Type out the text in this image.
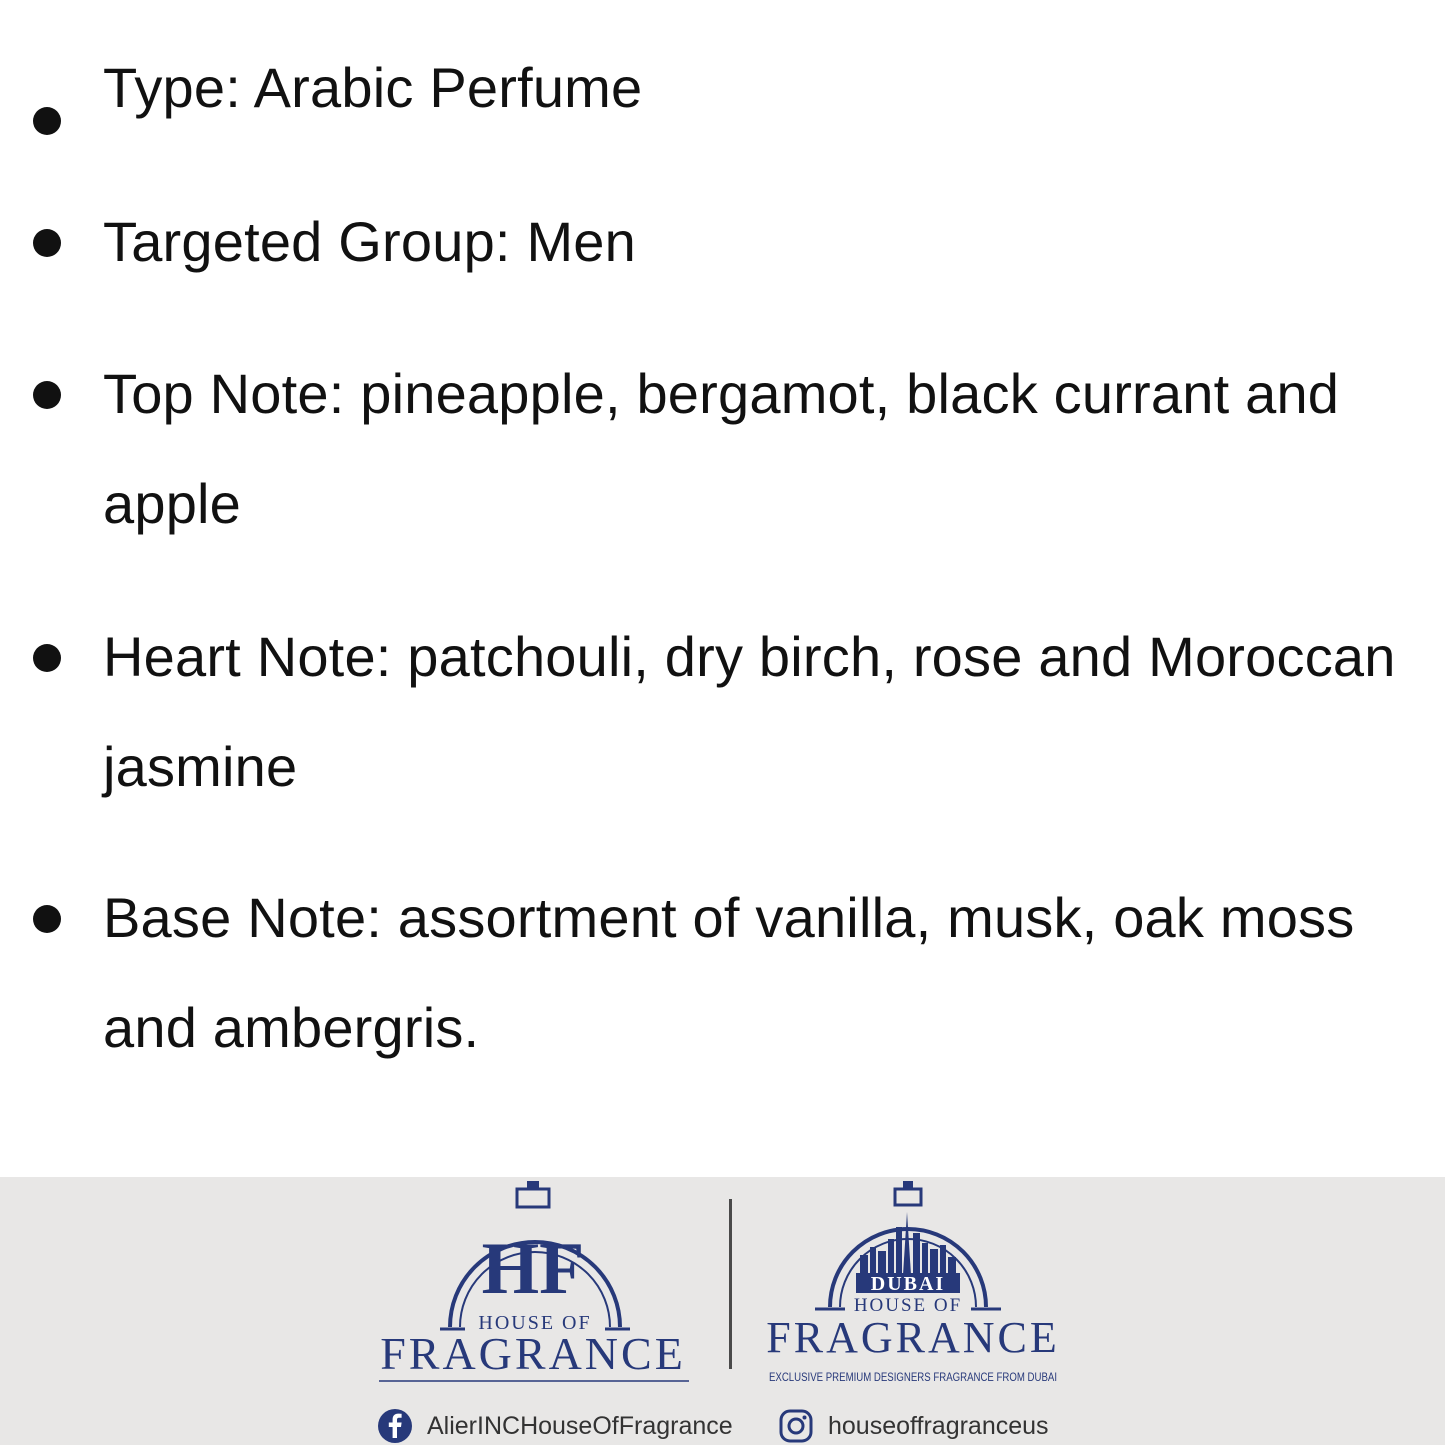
Type: Arabic Perfume
Targeted Group: Men
Top Note: pineapple, bergamot, black currant and apple
Heart Note: patchouli, dry birch, rose and Moroccan jasmine
Base Note: assortment of vanilla, musk, oak moss and ambergris.
HF
HOUSE OF
FRAGRANCE
DUBAI
HOUSE OF
FRAGRANCE
EXCLUSIVE PREMIUM DESIGNERS FRAGRANCE FROM DUBAI
AlierINCHouseOfFragrance	houseoffragranceus
